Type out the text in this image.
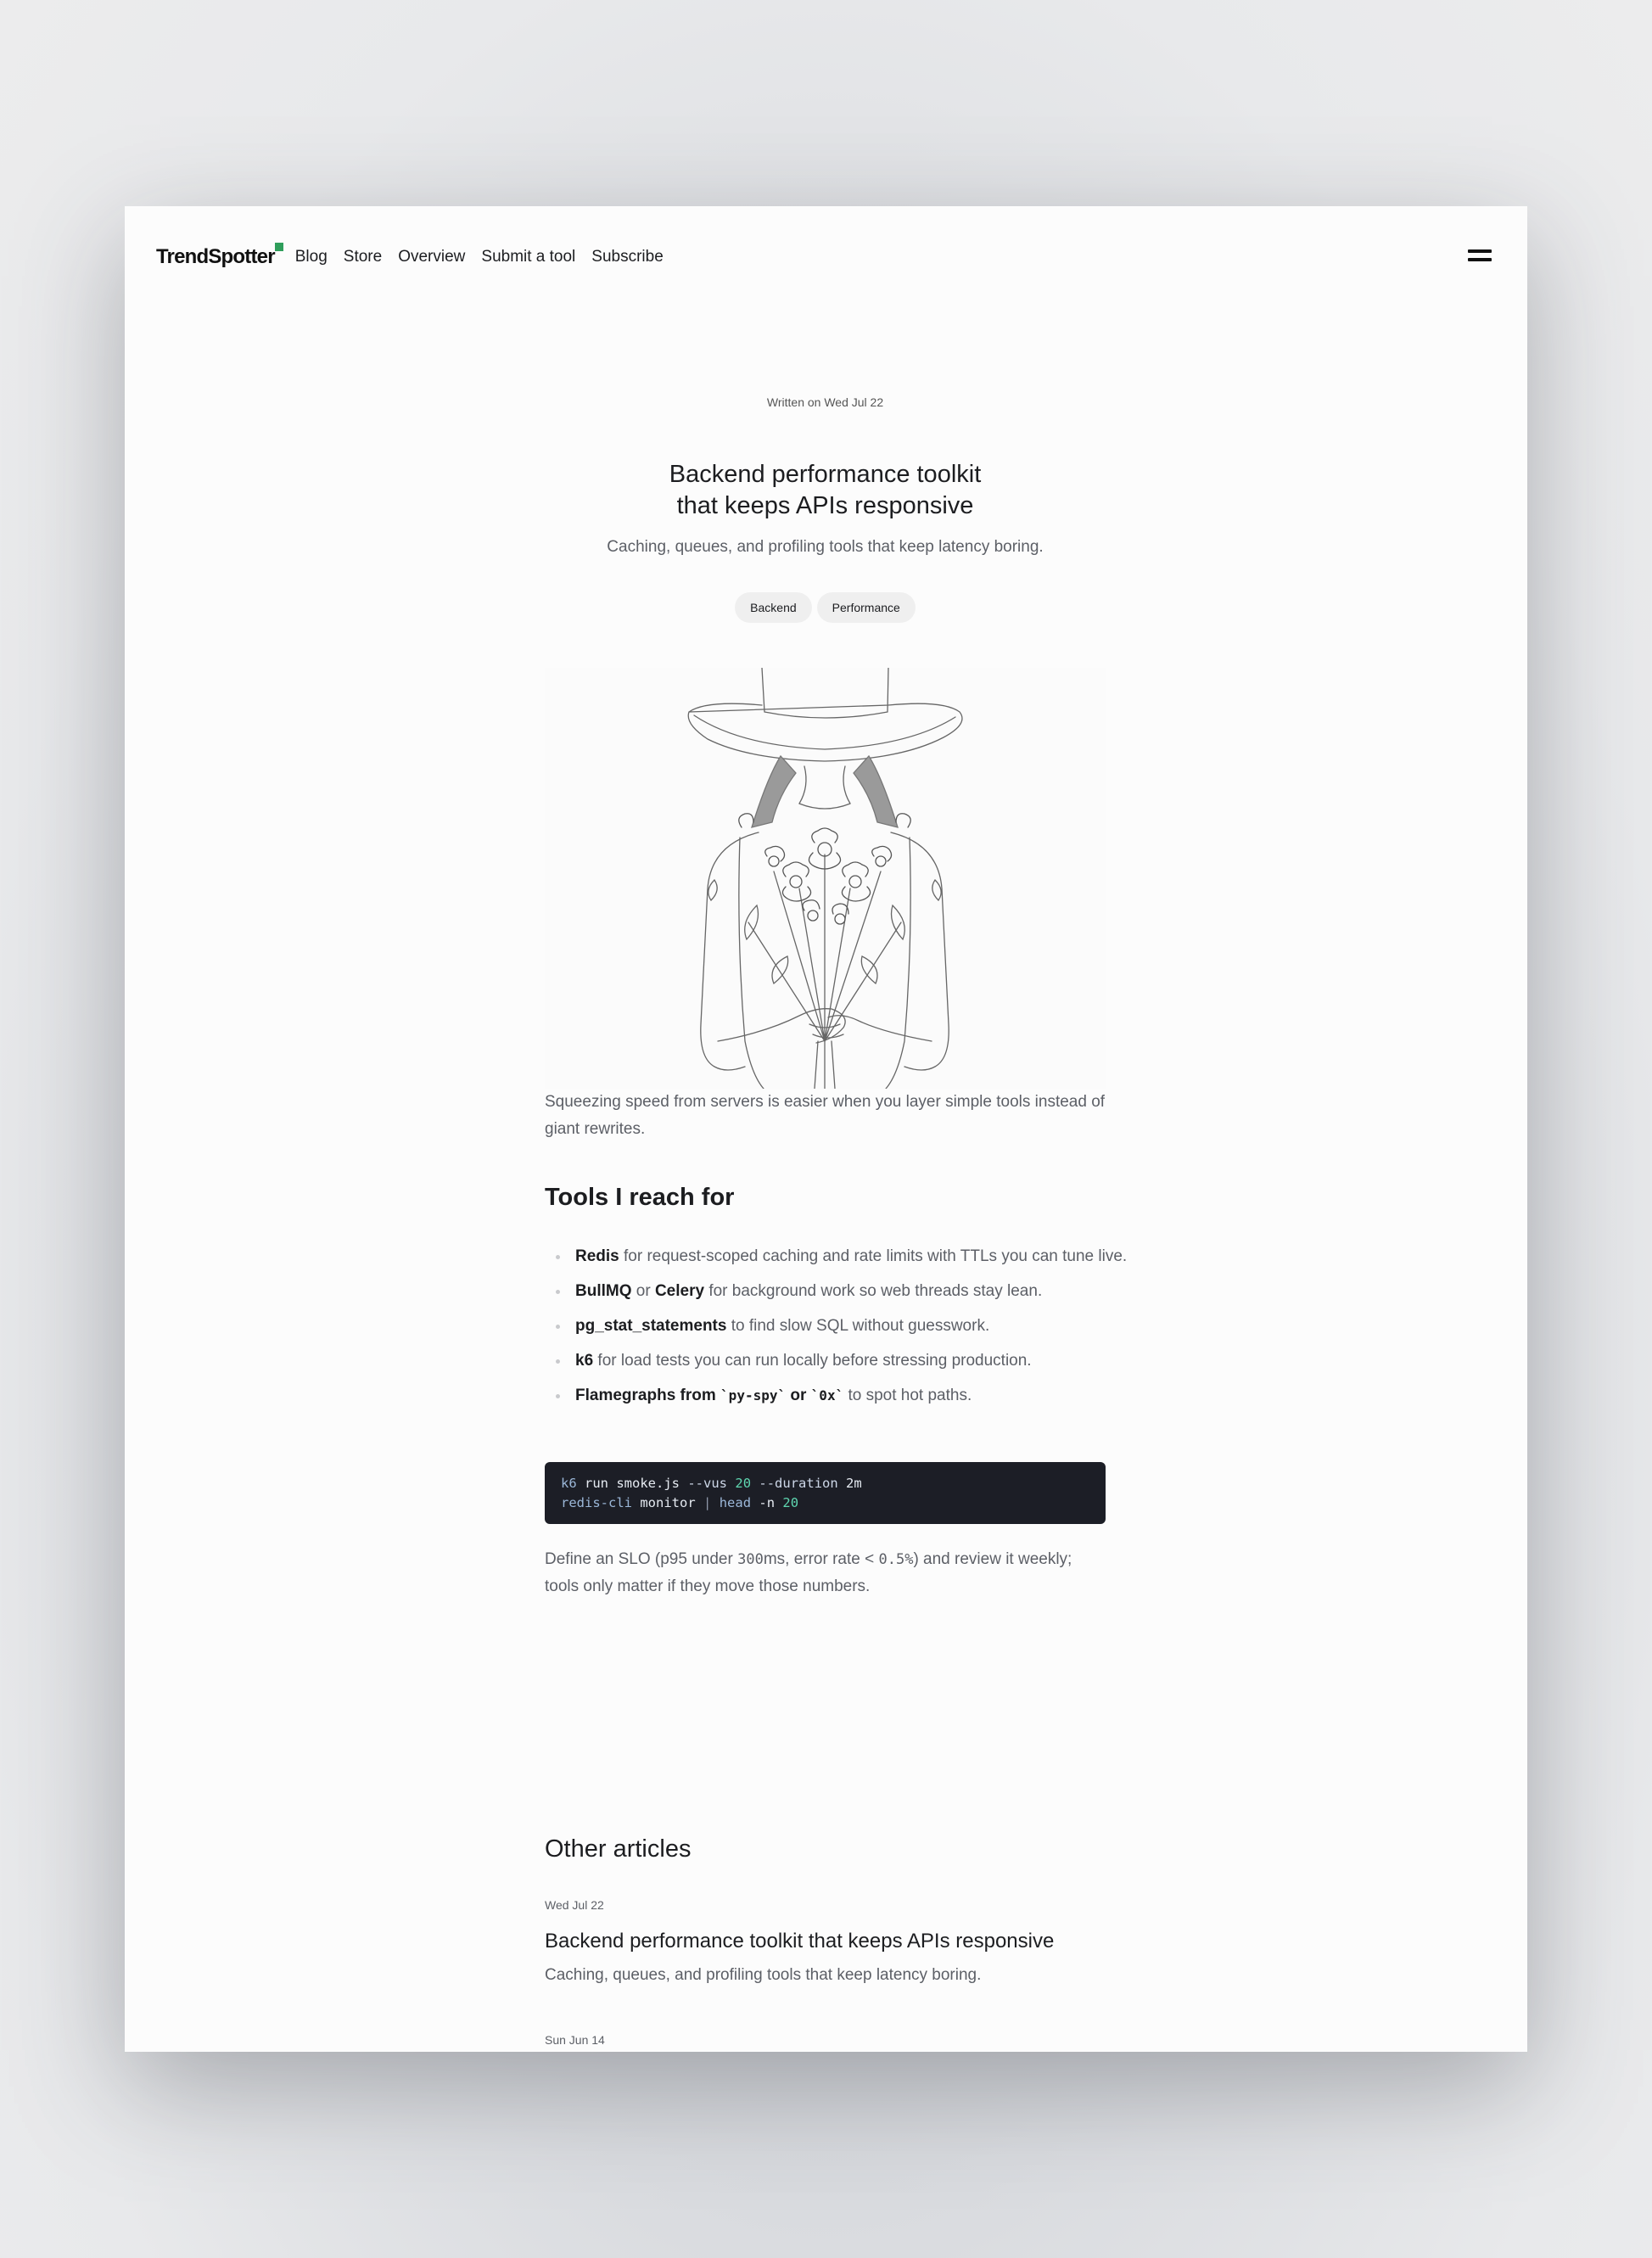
TrendSpotter Blog Store Overview Submit a tool Subscribe
Written on Wed Jul 22
Backend performance toolkit
that keeps APIs responsive
Caching, queues, and profiling tools that keep latency boring.
Backend	Performance

Squeezing speed from servers is easier when you layer simple tools instead of giant rewrites.

Tools I reach for
Redis for request-scoped caching and rate limits with TTLs you can tune live.
BullMQ or Celery for background work so web threads stay lean.
pg_stat_statements to find slow SQL without guesswork.
k6 for load tests you can run locally before stressing production.
Flamegraphs from `py-spy` or `0x` to spot hot paths.
k6 run smoke.js --vus 20 --duration 2m
redis-cli monitor | head -n 20

Define an SLO (p95 under 300ms, error rate < 0.5%) and review it weekly; tools only matter if they move those numbers.

Other articles
Wed Jul 22
Backend performance toolkit that keeps APIs responsive
Caching, queues, and profiling tools that keep latency boring.
Sun Jun 14
